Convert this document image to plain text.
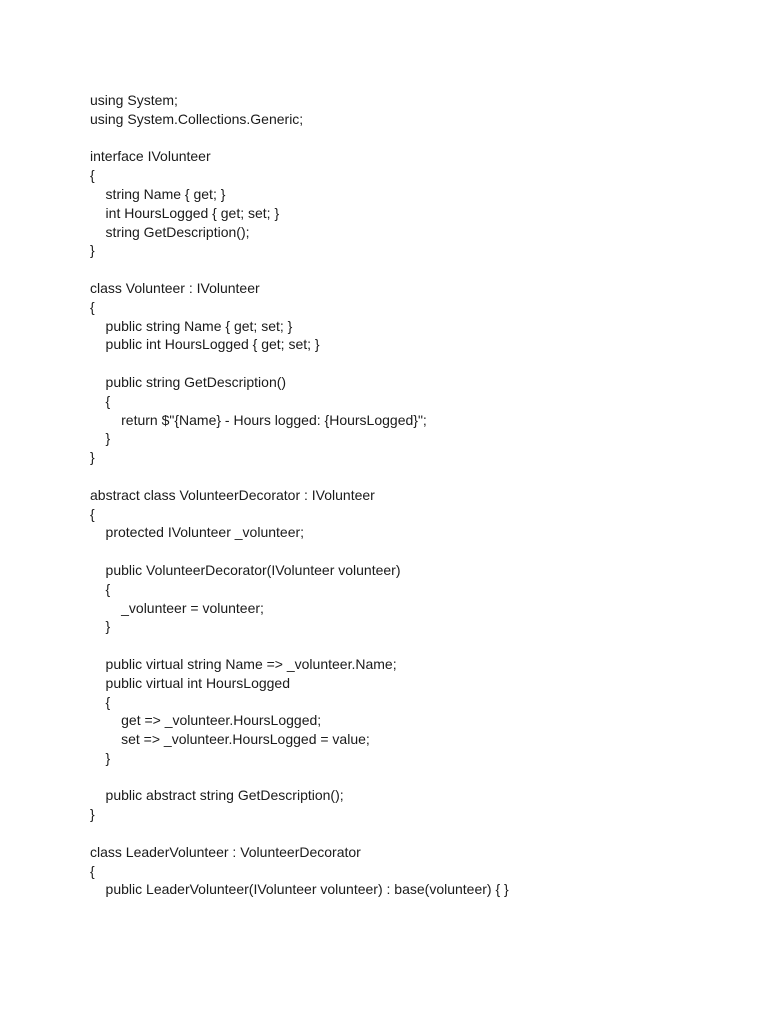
using System;
using System.Collections.Generic;
interface IVolunteer
{
string Name { get; }
int HoursLogged { get; set; }
string GetDescription();
}
class Volunteer : IVolunteer
{
public string Name { get; set; }
public int HoursLogged { get; set; }
public string GetDescription()
{
return $"{Name} - Hours logged: {HoursLogged}";
}
}
abstract class VolunteerDecorator : IVolunteer
{
protected IVolunteer _volunteer;
public VolunteerDecorator(IVolunteer volunteer)
{
_volunteer = volunteer;
}
public virtual string Name => _volunteer.Name;
public virtual int HoursLogged
{
get => _volunteer.HoursLogged;
set => _volunteer.HoursLogged = value;
}
public abstract string GetDescription();
}
class LeaderVolunteer : VolunteerDecorator
{
public LeaderVolunteer(IVolunteer volunteer) : base(volunteer) { }
